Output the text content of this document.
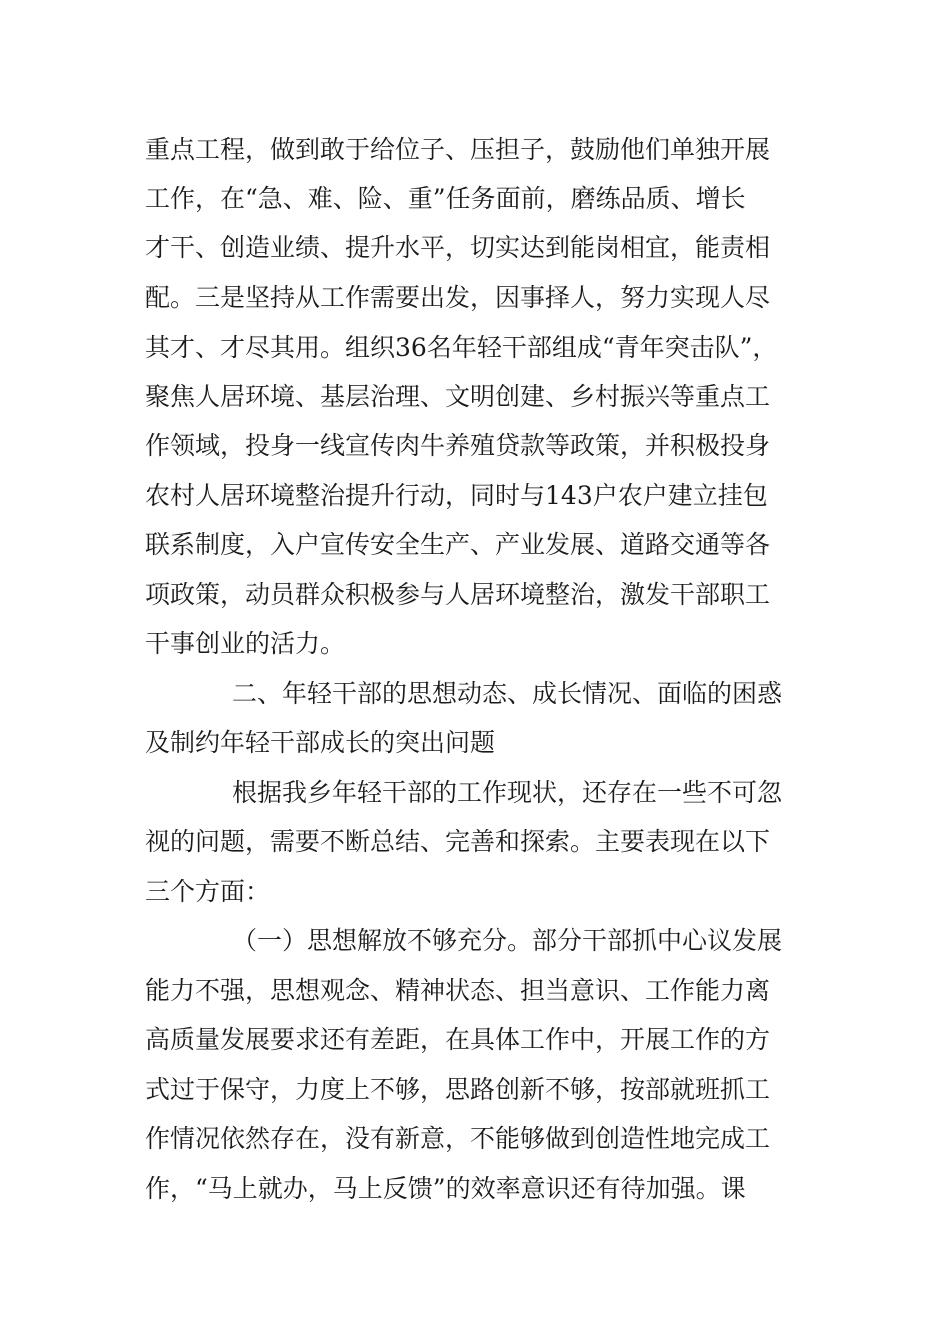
重点工程，做到敢于给位子、压担子，鼓励他们单独开展
工作，在“急、难、险、重”任务面前，磨练品质、增长
才干、创造业绩、提升水平，切实达到能岗相宜，能责相
配。三是坚持从工作需要出发，因事择人，努力实现人尽
其才、才尽其用。组织36名年轻干部组成“青年突击队”，
聚焦人居环境、基层治理、文明创建、乡村振兴等重点工
作领域，投身一线宣传肉牛养殖贷款等政策，并积极投身
农村人居环境整治提升行动，同时与143户农户建立挂包
联系制度，入户宣传安全生产、产业发展、道路交通等各
项政策，动员群众积极参与人居环境整治，激发干部职工
干事创业的活力。
二、年轻干部的思想动态、成长情况、面临的困惑
及制约年轻干部成长的突出问题
根据我乡年轻干部的工作现状，还存在一些不可忽
视的问题，需要不断总结、完善和探索。主要表现在以下
三个方面：
（一）思想解放不够充分。部分干部抓中心议发展
能力不强，思想观念、精神状态、担当意识、工作能力离
高质量发展要求还有差距，在具体工作中，开展工作的方
式过于保守，力度上不够，思路创新不够，按部就班抓工
作情况依然存在，没有新意，不能够做到创造性地完成工
作，“马上就办，马上反馈”的效率意识还有待加强。课
